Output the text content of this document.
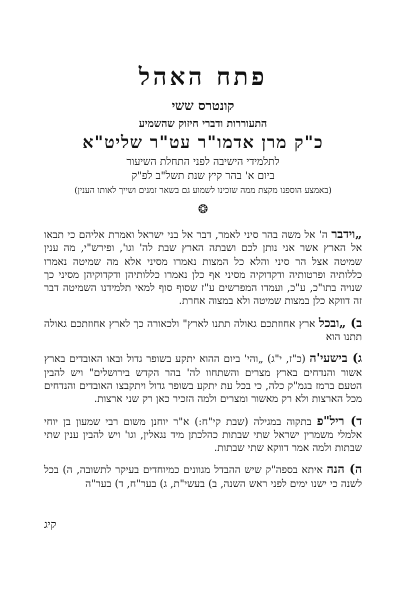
פתח האהל
קונטרס ששי
התעוררות ודברי חיזוק שהשמיע
כ"ק מרן אדמו"ר עט"ר שליט"א
לתלמידי הישיבה לפני התחלת השיעור
ביום א' בהר קיץ שנת תשל"ב לפ"ק
(באמצע הוספנו מקצת ממה שזכינו לשמוע גם בשאר זמנים ושייך לאותו הענין)
❂

„וידבר ה' אל משה בהר סיני לאמר, דבר אל בני ישראל ואמרת אליהם כי תבאו אל הארץ אשר אני נותן לכם ושבתה הארץ שבת לה' וגו', ופירש"י, מה ענין שמיטה אצל הר סיני והלא כל המצות נאמרו מסיני אלא מה שמיטה נאמרו כללותיה ופרטותיה ודקדוקיה מסיני אף כלן נאמרו כללותיהן ודקדוקיהן מסיני כך שנויה בתו"כ, ע"כ, ועמדו המפרשים ע"ז שסוף סוף למאי תלמידנו השמיטה דבר זה דווקא כלן במצות שמיטה ולא במצוה אחרת.

ב) „ובכל ארץ אחוזתכם גאולה תתנו לארץ" ולכאורה כך לארץ אחוזתכם גאולה תתנו הוא

ג) בישעי'ה (כ"ז, י"ג) „והי' ביום ההוא יתקע בשופר גדול ובאו האובדים בארץ אשור והנדחים בארץ מצרים והשתחוו לה' בהר הקדש בירושלים" ויש להבין הטעם ברמז בגמ"ק כלה, כי בכל עת יתקע בשופר גדול ויתקבצו האובדים והנדחים מכל הארצות ולא רק מאשור ומצרים ולמה הזכיר כאן רק שני ארצות.

ד) ריל"פ בתקוה במגילה (שבת קי"ח:) א"ר יוחנן משום רבי שמעון בן יוחי אלמלי משמרין ישראל שתי שבתות כהלכתן מיד נגאלין, וגו' ויש להבין ענין שתי שבתות ולמה אמר דווקא שתי שבתות.

ה) הנה איתא בספה"ק שיש ההבדל מגוונים כמיוחדים בעיקר לתשובה, ה) בכל לשנה כי ישנו ימים לפני ראש השנה, ב) בעשי"ת, ג) בער"ח, ד) בער"ה

קיג
